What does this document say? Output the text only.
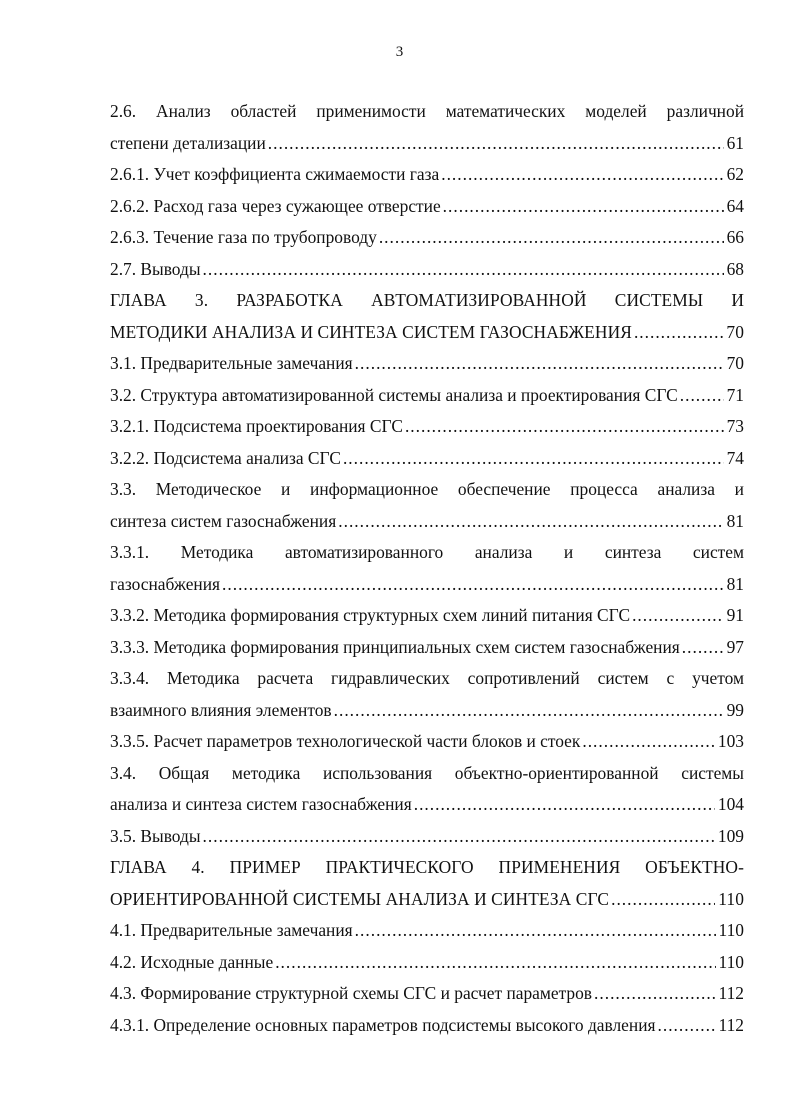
3
2.6. Анализ областей применимости математических моделей различной
степени детализации .....	61
2.6.1. Учет коэффициента сжимаемости газа .....	62
2.6.2. Расход газа через сужающее отверстие .....	64
2.6.3. Течение газа по трубопроводу .....	66
2.7. Выводы .....	68
ГЛАВА 3. РАЗРАБОТКА АВТОМАТИЗИРОВАННОЙ СИСТЕМЫ И
МЕТОДИКИ АНАЛИЗА И СИНТЕЗА СИСТЕМ ГАЗОСНАБЖЕНИЯ .....	70
3.1. Предварительные замечания .....	70
3.2. Структура автоматизированной системы анализа и проектирования СГС .....	71
3.2.1. Подсистема проектирования СГС .....	73
3.2.2. Подсистема анализа СГС .....	74
3.3. Методическое и информационное обеспечение процесса анализа и
синтеза систем газоснабжения .....	81
3.3.1. Методика автоматизированного анализа и синтеза систем
газоснабжения .....	81
3.3.2. Методика формирования структурных схем линий питания СГС .....	91
3.3.3. Методика формирования принципиальных схем систем газоснабжения .....	97
3.3.4. Методика расчета гидравлических сопротивлений систем с учетом
взаимного влияния элементов .....	99
3.3.5. Расчет параметров технологической части блоков и стоек .....	103
3.4. Общая методика использования объектно-ориентированной системы
анализа и синтеза систем газоснабжения .....	104
3.5. Выводы .....	109
ГЛАВА 4. ПРИМЕР ПРАКТИЧЕСКОГО ПРИМЕНЕНИЯ ОБЪЕКТНО-
ОРИЕНТИРОВАННОЙ СИСТЕМЫ АНАЛИЗА И СИНТЕЗА СГС .....	110
4.1. Предварительные замечания .....	110
4.2. Исходные данные .....	110
4.3. Формирование структурной схемы СГС и расчет параметров .....	112
4.3.1. Определение основных параметров подсистемы высокого давления .....	112
